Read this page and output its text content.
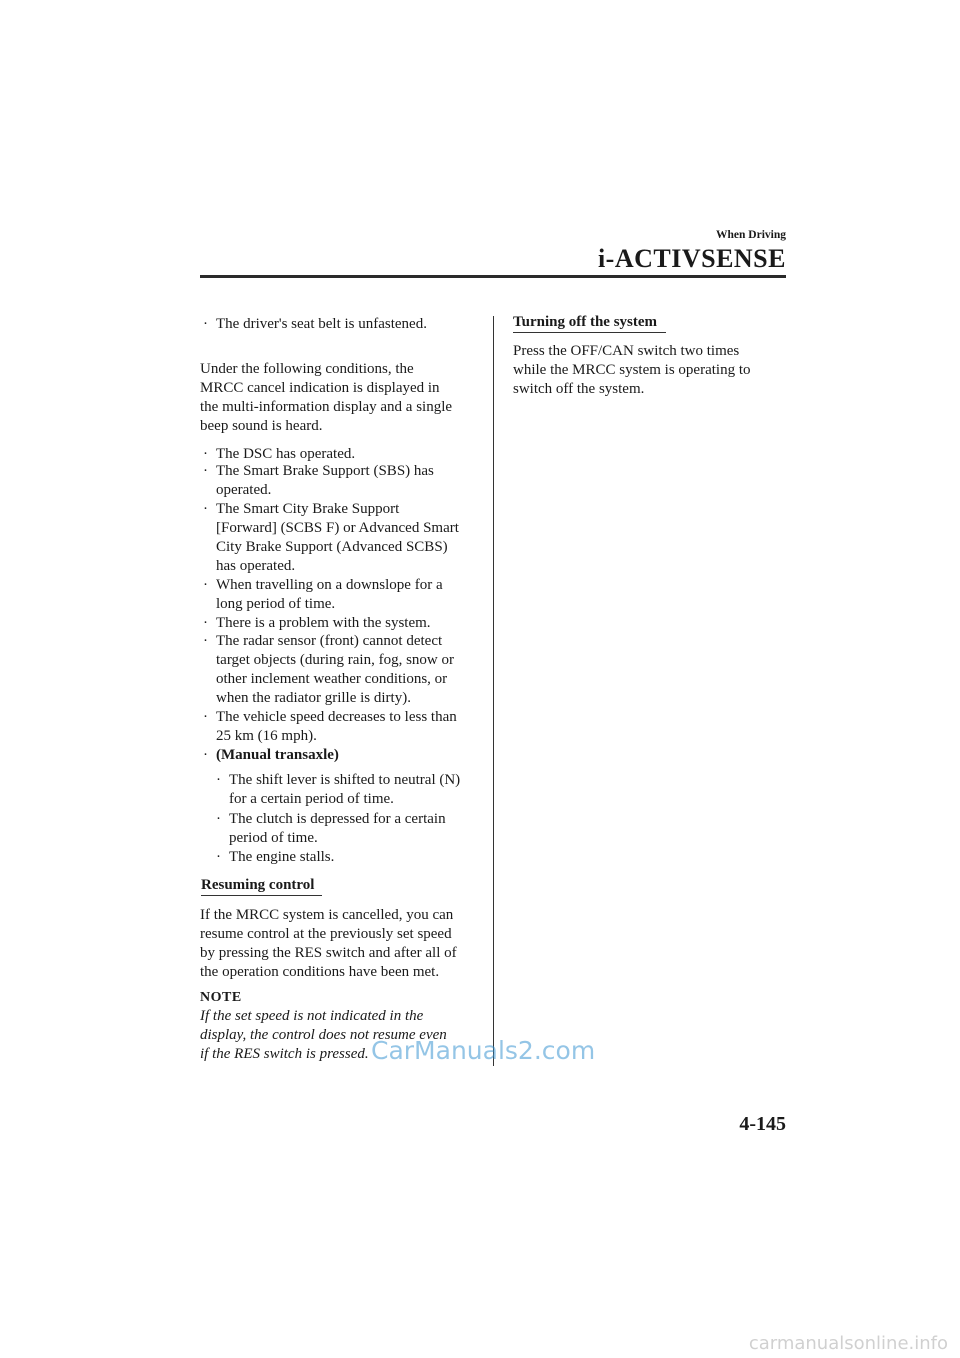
When Driving
i-ACTIVSENSE
· The driver's seat belt is unfastened.
Under the following conditions, the
MRCC cancel indication is displayed in
the multi-information display and a single
beep sound is heard.
· The DSC has operated.
· The Smart Brake Support (SBS) has
operated.
· The Smart City Brake Support
[Forward] (SCBS F) or Advanced Smart
City Brake Support (Advanced SCBS)
has operated.
· When travelling on a downslope for a
long period of time.
· There is a problem with the system.
· The radar sensor (front) cannot detect
target objects (during rain, fog, snow or
other inclement weather conditions, or
when the radiator grille is dirty).
· The vehicle speed decreases to less than
25 km (16 mph).
· (Manual transaxle)
· The shift lever is shifted to neutral (N)
for a certain period of time.
· The clutch is depressed for a certain
period of time.
· The engine stalls.
Resuming control
If the MRCC system is cancelled, you can
resume control at the previously set speed
by pressing the RES switch and after all of
the operation conditions have been met.
NOTE
If the set speed is not indicated in the
display, the control does not resume even
if the RES switch is pressed.
Turning off the system
Press the OFF/CAN switch two times
while the MRCC system is operating to
switch off the system.
4-145
CarManuals2.com
carmanualsonline.info
